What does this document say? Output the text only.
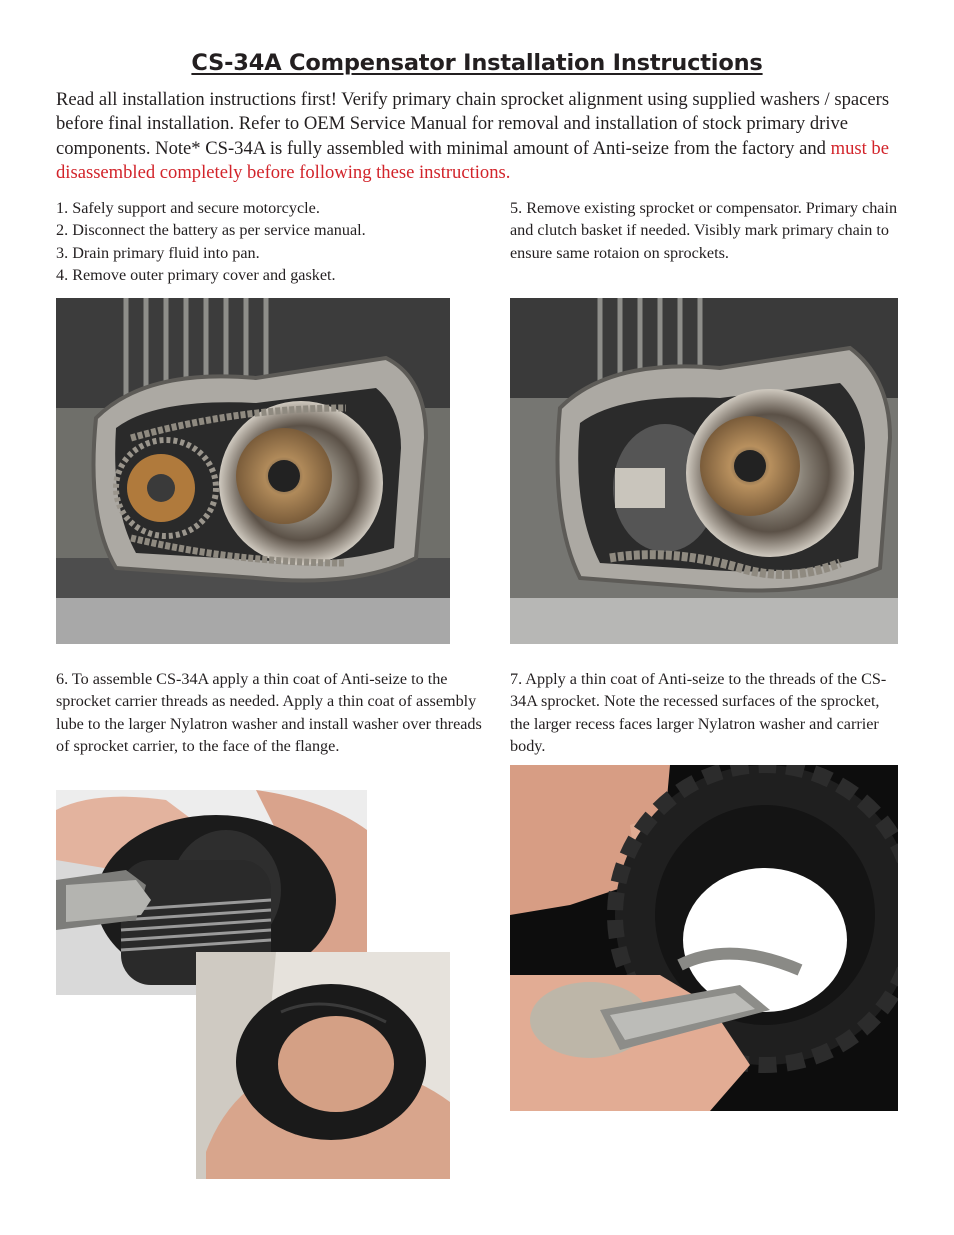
CS-34A Compensator Installation Instructions

Read all installation instructions first! Verify primary chain sprocket alignment using supplied washers / spacers before final installation. Refer to OEM Service Manual for removal and installation of stock primary drive components. Note* CS-34A is fully assembled with minimal amount of Anti-seize from the factory and must be disassembled completely before following these instructions.

1. Safely support and secure motorcycle.
2. Disconnect the battery as per service manual.
3. Drain primary fluid into pan.
4. Remove outer primary cover and gasket.

5. Remove existing sprocket or compensator. Primary chain and clutch basket if needed. Visibly mark primary chain to ensure same rotaion on sprockets.

6. To assemble CS-34A apply a thin coat of Anti-seize to the sprocket carrier threads as needed. Apply a thin coat of assembly lube to the larger Nylatron washer and install washer over threads of sprocket carrier, to the face of the flange.

7. Apply a thin coat of Anti-seize to the threads of the CS-34A sprocket. Note the recessed surfaces of the sprocket, the larger recess faces larger Nylatron washer and carrier body.
